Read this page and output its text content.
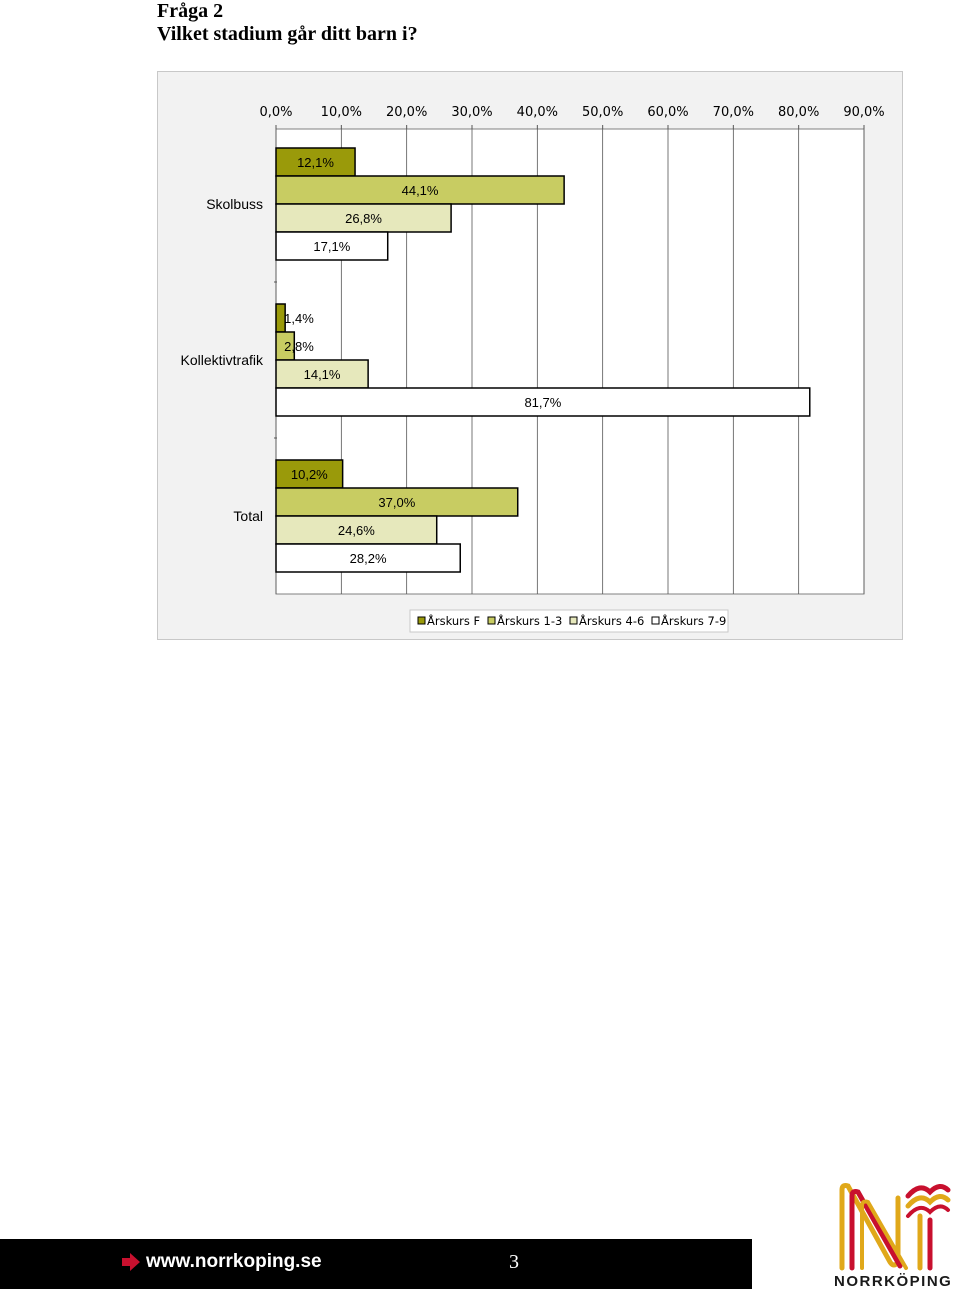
Fråga 2
Vilket stadium går ditt barn i?
0,0% 10,0% 20,0% 30,0% 40,0% 50,0% 60,0% 70,0% 80,0% 90,0%
Skolbuss
12,1%
44,1%
26,8%
17,1%
Kollektivtrafik
1,4%
2,8%
14,1%
81,7%
Total
10,2%
37,0%
24,6%
28,2%
Årskurs F Årskurs 1-3 Årskurs 4-6 Årskurs 7-9
www.norrkoping.se	3
NORRKÖPING
